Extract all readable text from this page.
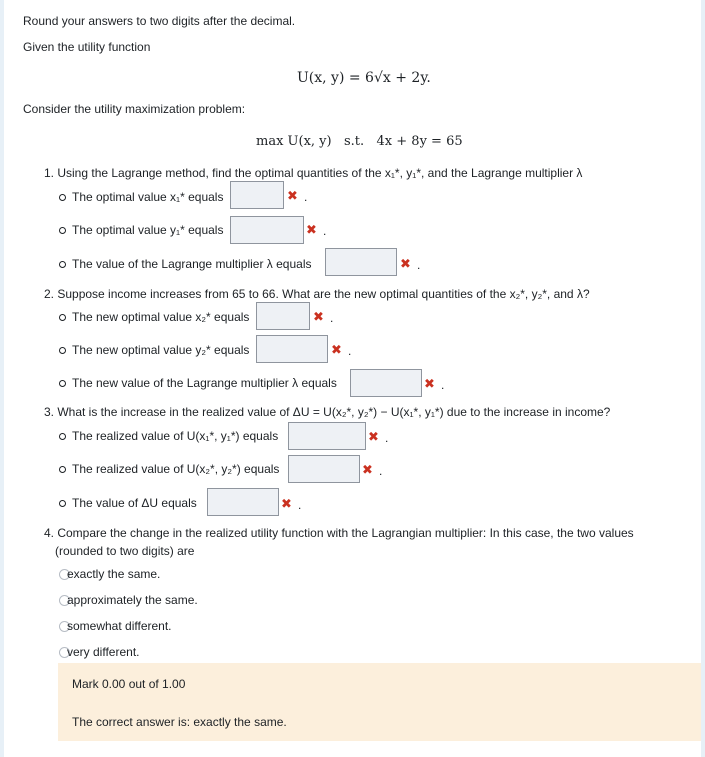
Round your answers to two digits after the decimal.
Given the utility function
U(x, y) = 6√x + 2y.
Consider the utility maximization problem:
max U(x, y)   s.t.   4x + 8y = 65
1. Using the Lagrange method, find the optimal quantities of the x₁*, y₁*, and the Lagrange multiplier λ
The optimal value x₁* equals	✖ .
The optimal value y₁* equals	✖ .
The value of the Lagrange multiplier λ equals	✖ .
2. Suppose income increases from 65 to 66. What are the new optimal quantities of the x₂*, y₂*, and λ?
The new optimal value x₂* equals	✖ .
The new optimal value y₂* equals	✖ .
The new value of the Lagrange multiplier λ equals	✖ .
3. What is the increase in the realized value of ΔU = U(x₂*, y₂*) − U(x₁*, y₁*) due to the increase in income?
The realized value of U(x₁*, y₁*) equals	✖ .
The realized value of U(x₂*, y₂*) equals	✖ .
The value of ΔU equals	✖ .
4. Compare the change in the realized utility function with the Lagrangian multiplier: In this case, the two values
(rounded to two digits) are
exactly the same.
approximately the same.
somewhat different.
very different.
Mark 0.00 out of 1.00
The correct answer is: exactly the same.
